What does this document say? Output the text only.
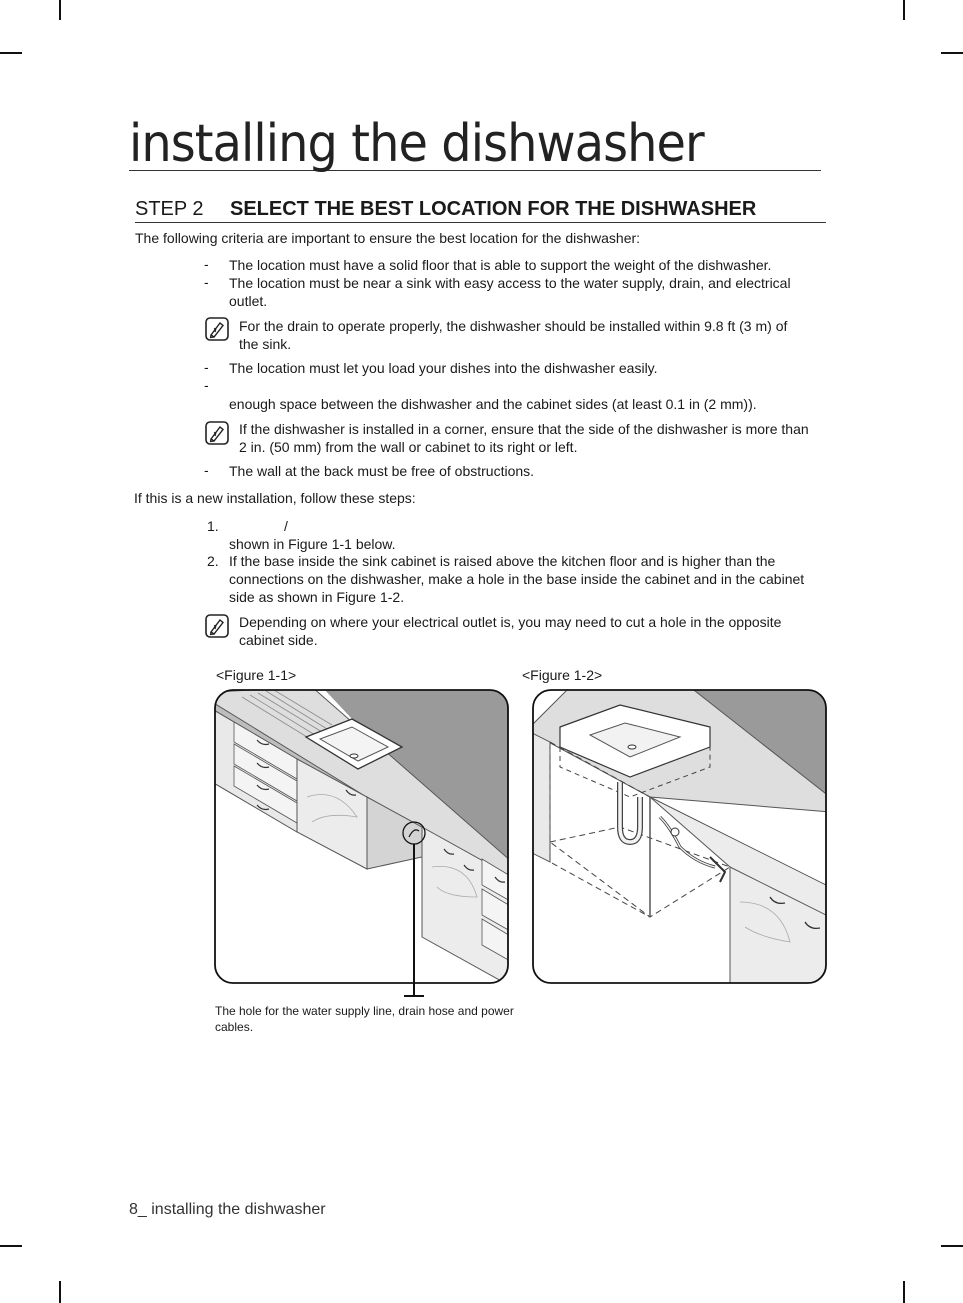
installing the dishwasher
STEP 2 SELECT THE BEST LOCATION FOR THE DISHWASHER
The following criteria are important to ensure the best location for the dishwasher:
- The location must have a solid floor that is able to support the weight of the dishwasher.
- The location must be near a sink with easy access to the water supply, drain, and electrical
outlet.
For the drain to operate properly, the dishwasher should be installed within 9.8 ft (3 m) of
the sink.
- The location must let you load your dishes into the dishwasher easily.
-
enough space between the dishwasher and the cabinet sides (at least 0.1 in (2 mm)).
If the dishwasher is installed in a corner, ensure that the side of the dishwasher is more than
2 in. (50 mm) from the wall or cabinet to its right or left.
- The wall at the back must be free of obstructions.
If this is a new installation, follow these steps:
1.	/
shown in Figure 1-1 below.
2. If the base inside the sink cabinet is raised above the kitchen floor and is higher than the
connections on the dishwasher, make a hole in the base inside the cabinet and in the cabinet
side as shown in Figure 1-2.
Depending on where your electrical outlet is, you may need to cut a hole in the opposite
cabinet side.
<Figure 1-1>	<Figure 1-2>
The hole for the water supply line, drain hose and power cables.
8_ installing the dishwasher
